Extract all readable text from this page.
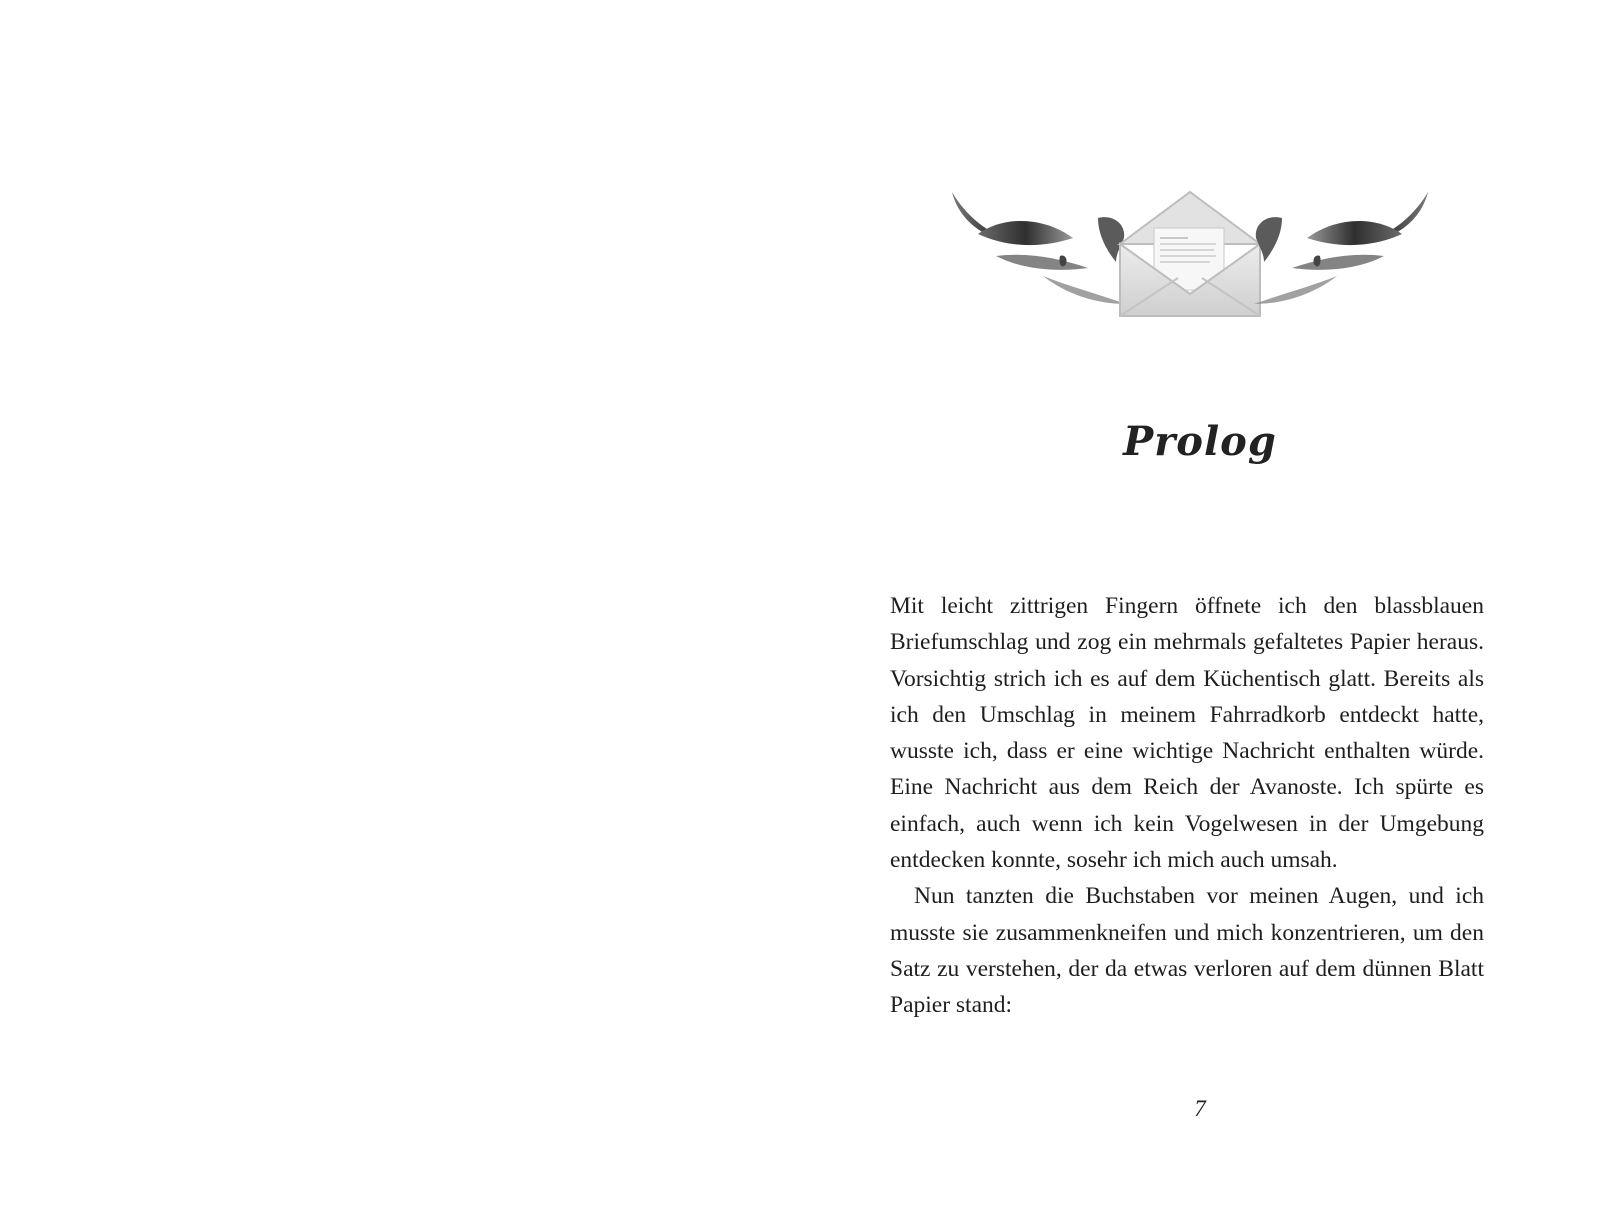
Prolog

Mit leicht zittrigen Fingern öffnete ich den blassblauen Briefumschlag und zog ein mehrmals gefaltetes Papier heraus. Vorsichtig strich ich es auf dem Küchentisch glatt. Bereits als ich den Umschlag in meinem Fahrradkorb entdeckt hatte, wusste ich, dass er eine wichtige Nachricht enthalten würde. Eine Nachricht aus dem Reich der Avanoste. Ich spürte es einfach, auch wenn ich kein Vogelwesen in der Umgebung entdecken konnte, sosehr ich mich auch umsah.

Nun tanzten die Buchstaben vor meinen Augen, und ich musste sie zusammenkneifen und mich konzentrieren, um den Satz zu verstehen, der da etwas verloren auf dem dünnen Blatt Papier stand:

7
